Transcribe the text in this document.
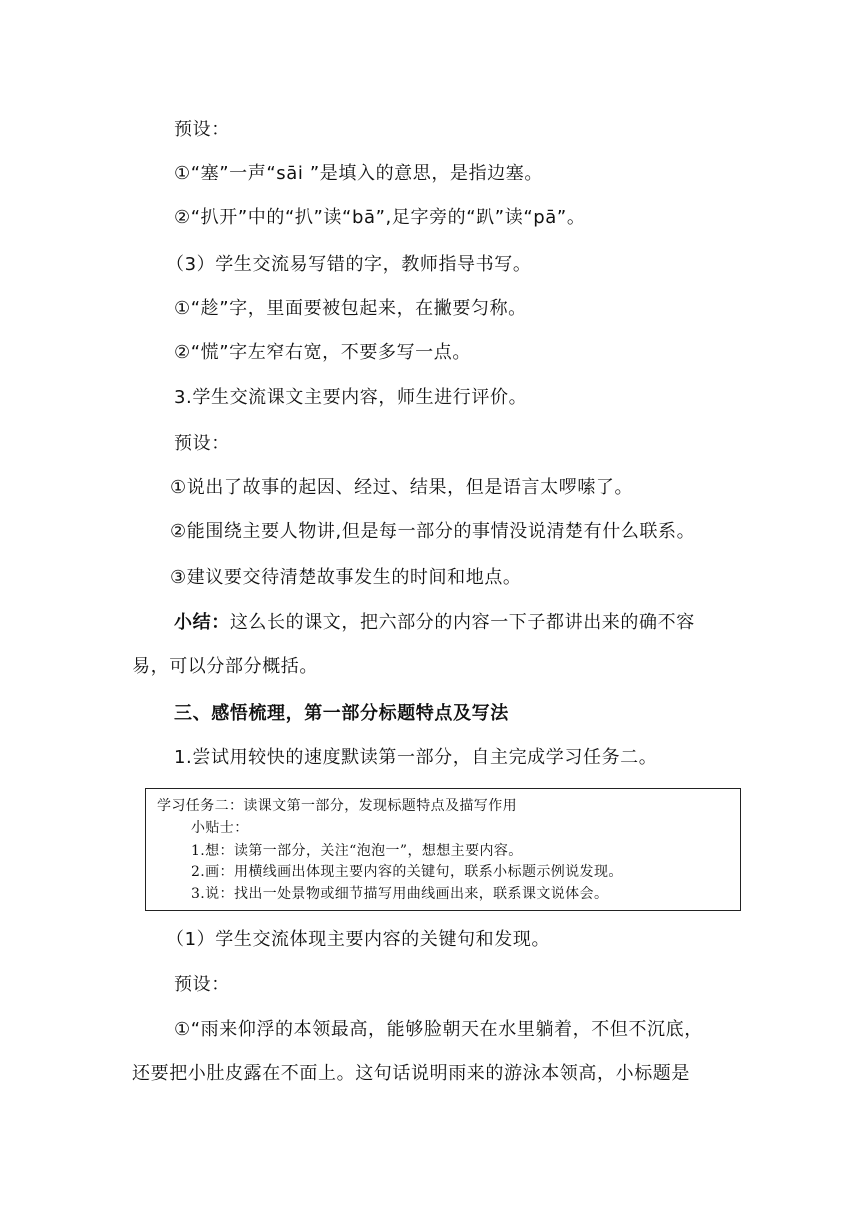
预设：
①“塞”一声“sāi ”是填入的意思，是指边塞。
②“扒开”中的“扒”读“bā”,足字旁的“趴”读“pā”。
（3）学生交流易写错的字，教师指导书写。
①“趁”字，里面要被包起来，在撇要匀称。
②“慌”字左窄右宽，不要多写一点。
3.学生交流课文主要内容，师生进行评价。
预设：
①说出了故事的起因、经过、结果，但是语言太啰嗦了。
②能围绕主要人物讲,但是每一部分的事情没说清楚有什么联系。
③建议要交待清楚故事发生的时间和地点。
小结：这么长的课文，把六部分的内容一下子都讲出来的确不容
易，可以分部分概括。
三、感悟梳理，第一部分标题特点及写法
1.尝试用较快的速度默读第一部分，自主完成学习任务二。
学习任务二：读课文第一部分，发现标题特点及描写作用
小贴士：
1.想：读第一部分，关注“泡泡一”，想想主要内容。
2.画：用横线画出体现主要内容的关键句，联系小标题示例说发现。
3.说：找出一处景物或细节描写用曲线画出来，联系课文说体会。
（1）学生交流体现主要内容的关键句和发现。
预设：
①“雨来仰浮的本领最高，能够脸朝天在水里躺着，不但不沉底，
还要把小肚皮露在不面上。这句话说明雨来的游泳本领高，小标题是
